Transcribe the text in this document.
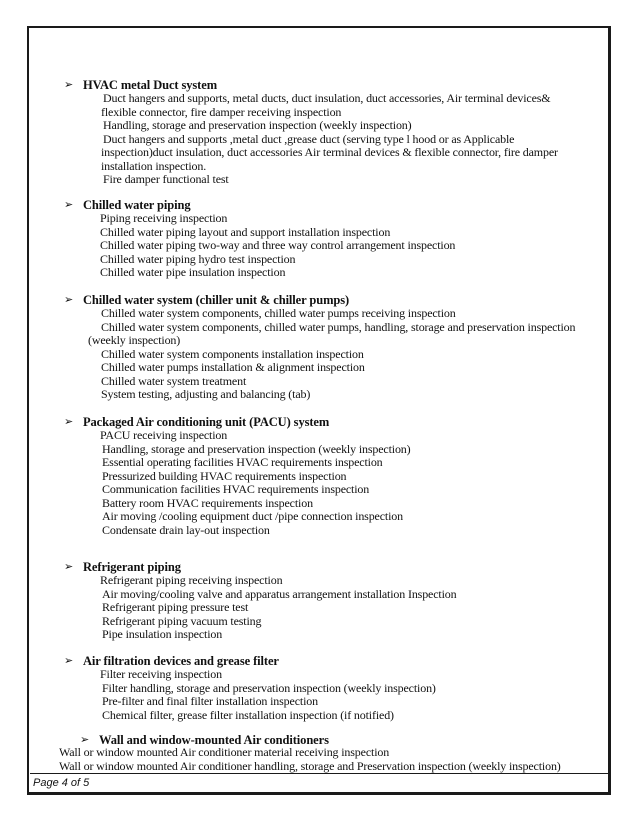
➢ HVAC metal Duct system
Duct hangers and supports, metal ducts, duct insulation, duct accessories, Air terminal devices&
flexible connector, fire damper receiving inspection
Handling, storage and preservation inspection (weekly inspection)
Duct hangers and supports ,metal duct ,grease duct (serving type l hood or as Applicable
inspection)duct insulation, duct accessories Air terminal devices & flexible connector, fire damper
installation inspection.
Fire damper functional test
➢ Chilled water piping
Piping receiving inspection
Chilled water piping layout and support installation inspection
Chilled water piping two-way and three way control arrangement inspection
Chilled water piping hydro test inspection
Chilled water pipe insulation inspection
➢ Chilled water system (chiller unit & chiller pumps)
Chilled water system components, chilled water pumps receiving inspection
Chilled water system components, chilled water pumps, handling, storage and preservation inspection
(weekly inspection)
Chilled water system components installation inspection
Chilled water pumps installation & alignment inspection
Chilled water system treatment
System testing, adjusting and balancing (tab)
➢ Packaged Air conditioning unit (PACU) system
PACU receiving inspection
Handling, storage and preservation inspection (weekly inspection)
Essential operating facilities HVAC requirements inspection
Pressurized building HVAC requirements inspection
Communication facilities HVAC requirements inspection
Battery room HVAC requirements inspection
Air moving /cooling equipment duct /pipe connection inspection
Condensate drain lay-out inspection
➢ Refrigerant piping
Refrigerant piping receiving inspection
Air moving/cooling valve and apparatus arrangement installation Inspection
Refrigerant piping pressure test
Refrigerant piping vacuum testing
Pipe insulation inspection
➢ Air filtration devices and grease filter
Filter receiving inspection
Filter handling, storage and preservation inspection (weekly inspection)
Pre-filter and final filter installation inspection
Chemical filter, grease filter installation inspection (if notified)
➢ Wall and window-mounted Air conditioners
Wall or window mounted Air conditioner material receiving inspection
Wall or window mounted Air conditioner handling, storage and Preservation inspection (weekly inspection)
Page 4 of 5
